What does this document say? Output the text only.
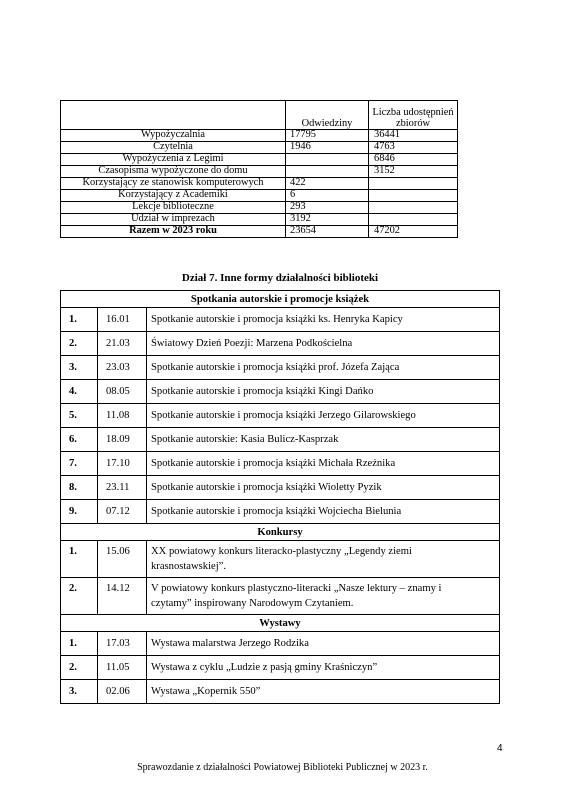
	Odwiedziny	Liczba udostępnień zbiorów
Wypożyczalnia	17795	36441
Czytelnia	1946	4763
Wypożyczenia z Legimi		6846
Czasopisma wypożyczone do domu		3152
Korzystający ze stanowisk komputerowych	422	
Korzystający z Academiki	6	
Lekcje biblioteczne	293	
Udział w imprezach	3192	
Razem w 2023 roku	23654	47202
Dział 7. Inne formy działalności biblioteki
Spotkania autorskie i promocje książek		
1.	16.01	Spotkanie autorskie i promocja książki ks. Henryka Kapicy
2.	21.03	Światowy Dzień Poezji: Marzena Podkościelna
3.	23.03	Spotkanie autorskie i promocja książki prof. Józefa Zająca
4.	08.05	Spotkanie autorskie i promocja książki Kingi Dańko
5.	11.08	Spotkanie autorskie i promocja książki Jerzego Gilarowskiego
6.	18.09	Spotkanie autorskie: Kasia Bulicz-Kasprzak
7.	17.10	Spotkanie autorskie i promocja książki Michała Rzeźnika
8.	23.11	Spotkanie autorskie i promocja książki Wioletty Pyzik
9.	07.12	Spotkanie autorskie i promocja książki Wojciecha Bielunia
Konkursy		
1.	15.06	XX powiatowy konkurs literacko-plastyczny „Legendy ziemi
krasnostawskiej”.

2.	14.12	V powiatowy konkurs plastyczno-literacki „Nasze lektury – znamy i
czytamy” inspirowany Narodowym Czytaniem.

Wystawy		
1.	17.03	Wystawa malarstwa Jerzego Rodzika
2.	11.05	Wystawa z cyklu „Ludzie z pasją gminy Kraśniczyn”
3.	02.06	Wystawa „Kopernik 550”
4
Sprawozdanie z działalności Powiatowej Biblioteki Publicznej w 2023 r.
